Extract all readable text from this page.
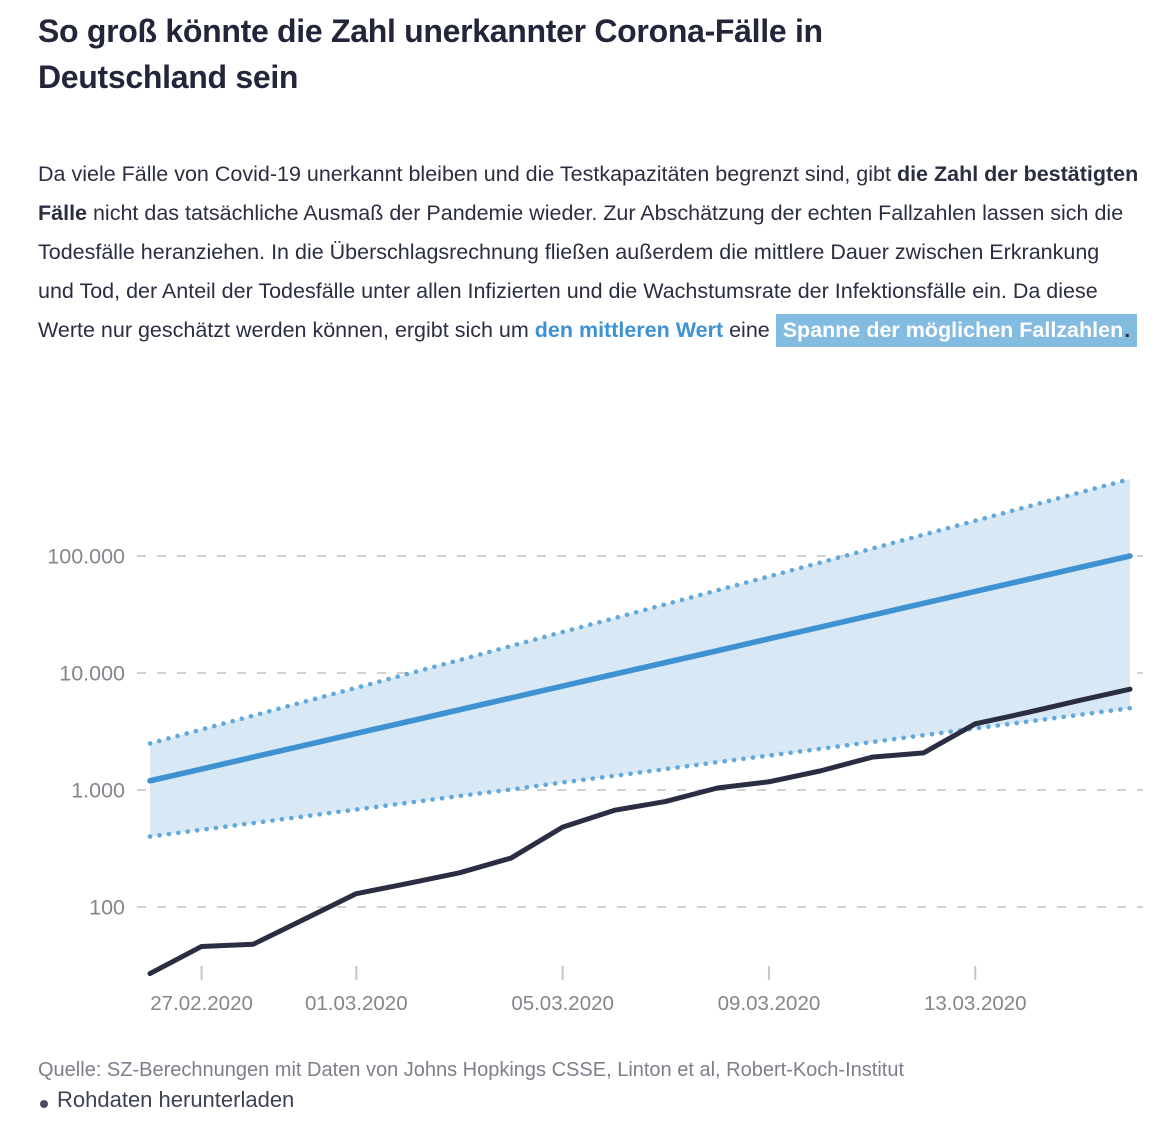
So groß könnte die Zahl unerkannter Corona-Fälle in
Deutschland sein

Da viele Fälle von Covid-19 unerkannt bleiben und die Testkapazitäten begrenzt sind, gibt die Zahl der bestätigten Fälle nicht das tatsächliche Ausmaß der Pandemie wieder. Zur Abschätzung der echten Fallzahlen lassen sich die Todesfälle heranziehen. In die Überschlagsrechnung fließen außerdem die mittlere Dauer zwischen Erkrankung und Tod, der Anteil der Todesfälle unter allen Infizierten und die Wachstumsrate der Infektionsfälle ein. Da diese Werte nur geschätzt werden können, ergibt sich um den mittleren Wert eine Spanne der möglichen Fallzahlen.

100.000
10.000
1.000
100
27.02.2020	01.03.2020	05.03.2020	09.03.2020	13.03.2020
Quelle: SZ-Berechnungen mit Daten von Johns Hopkings CSSE, Linton et al, Robert-Koch-Institut
Rohdaten herunterladen
